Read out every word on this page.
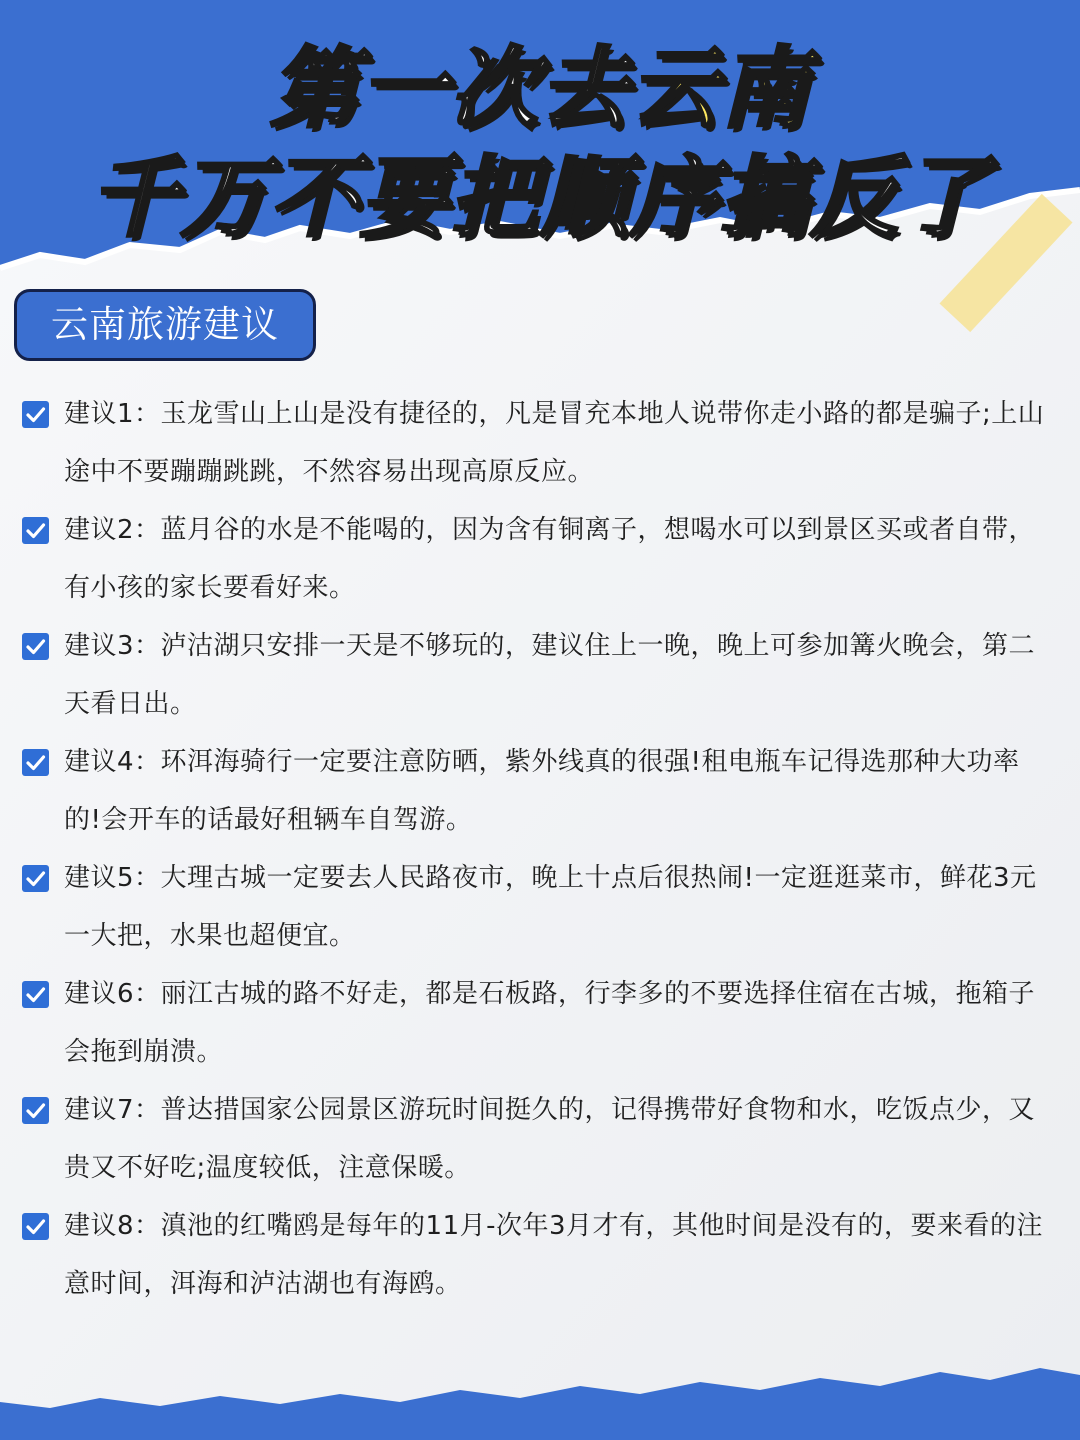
第一次去云南
千万不要把顺序搞反了
云南旅游建议
建议1：玉龙雪山上山是没有捷径的，凡是冒充本地人说带你走小路的都是骗子;上山途中不要蹦蹦跳跳，不然容易出现高原反应。
建议2：蓝月谷的水是不能喝的，因为含有铜离子，想喝水可以到景区买或者自带，有小孩的家长要看好来。
建议3：泸沽湖只安排一天是不够玩的，建议住上一晚，晚上可参加篝火晚会，第二天看日出。
建议4：环洱海骑行一定要注意防晒，紫外线真的很强!租电瓶车记得选那种大功率的!会开车的话最好租辆车自驾游。
建议5：大理古城一定要去人民路夜市，晚上十点后很热闹!一定逛逛菜市，鲜花3元一大把，水果也超便宜。
建议6：丽江古城的路不好走，都是石板路，行李多的不要选择住宿在古城，拖箱子会拖到崩溃。
建议7：普达措国家公园景区游玩时间挺久的，记得携带好食物和水，吃饭点少，又贵又不好吃;温度较低，注意保暖。
建议8：滇池的红嘴鸥是每年的11月-次年3月才有，其他时间是没有的，要来看的注意时间，洱海和泸沽湖也有海鸥。
